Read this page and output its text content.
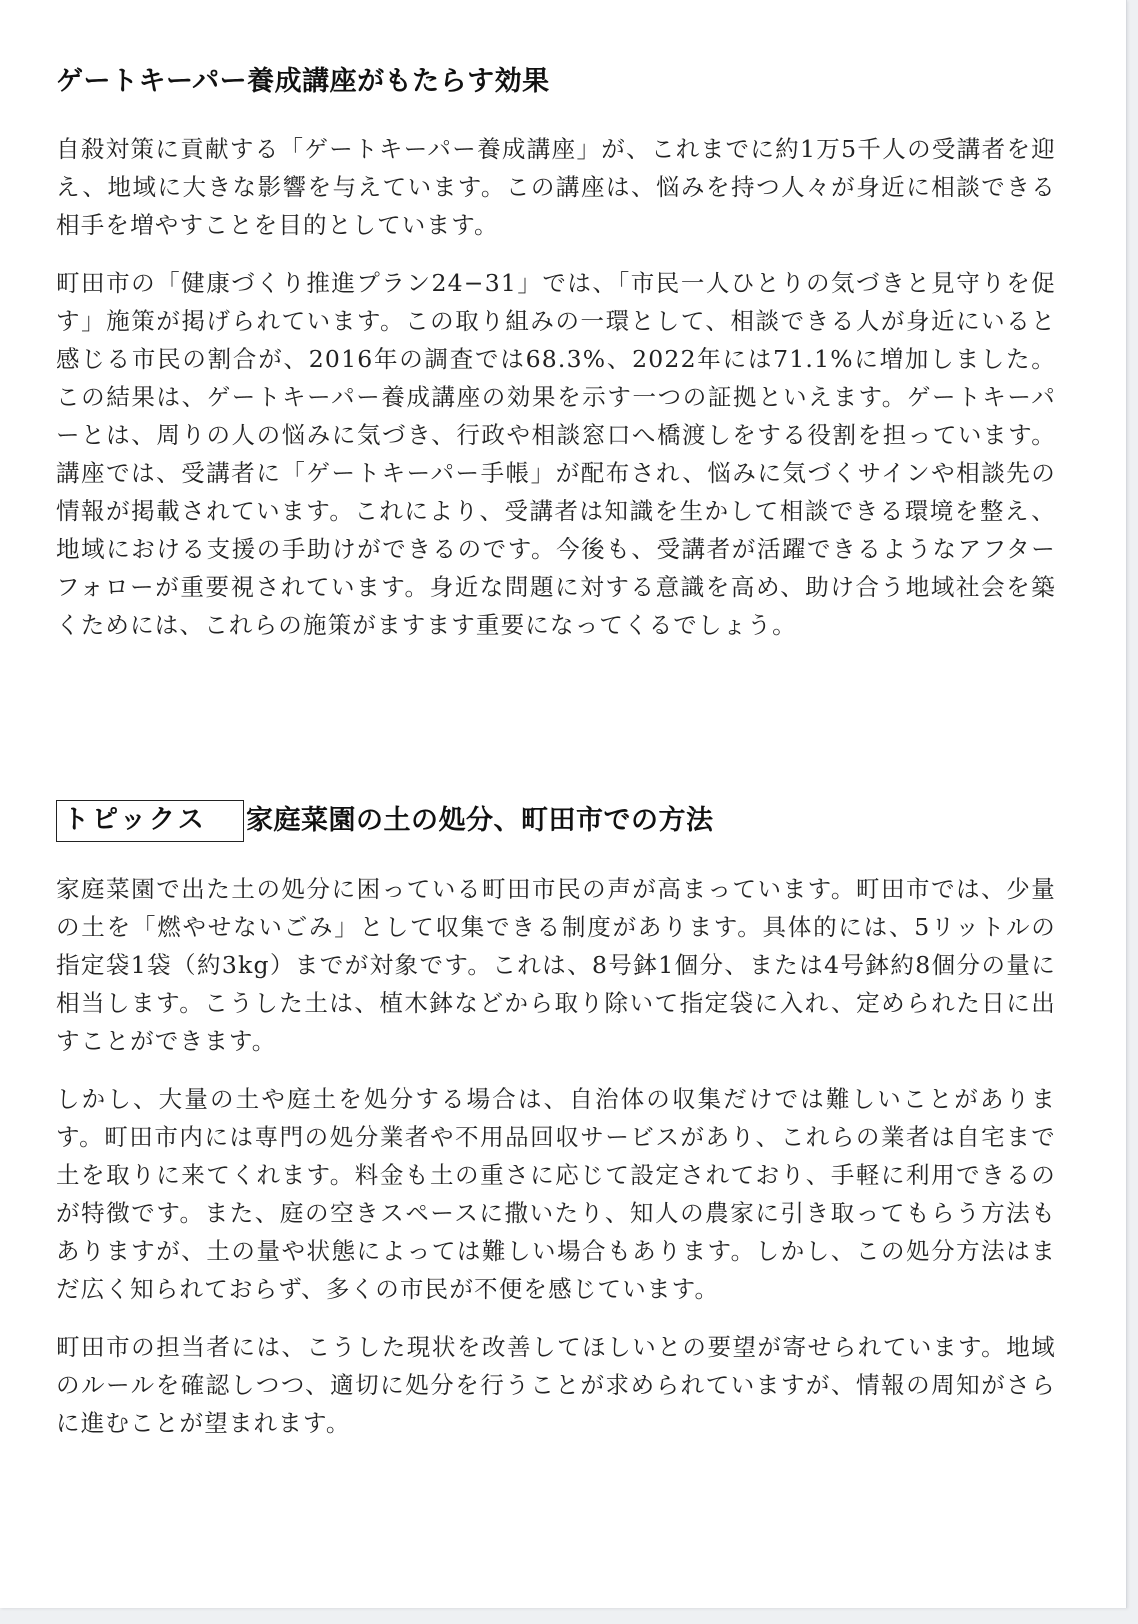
ゲートキーパー養成講座がもたらす効果

自殺対策に貢献する「ゲートキーパー養成講座」が、これまでに約1万5千人の受講者を迎え、地域に大きな影響を与えています。この講座は、悩みを持つ人々が身近に相談できる相手を増やすことを目的としています。

町田市の「健康づくり推進プラン24−31」では、「市民一人ひとりの気づきと見守りを促す」施策が掲げられています。この取り組みの一環として、相談できる人が身近にいると感じる市民の割合が、2016年の調査では68.3%、2022年には71.1%に増加しました。この結果は、ゲートキーパー養成講座の効果を示す一つの証拠といえます。ゲートキーパーとは、周りの人の悩みに気づき、行政や相談窓口へ橋渡しをする役割を担っています。講座では、受講者に「ゲートキーパー手帳」が配布され、悩みに気づくサインや相談先の情報が掲載されています。これにより、受講者は知識を生かして相談できる環境を整え、地域における支援の手助けができるのです。今後も、受講者が活躍できるようなアフターフォローが重要視されています。身近な問題に対する意識を高め、助け合う地域社会を築くためには、これらの施策がますます重要になってくるでしょう。

トピックス	家庭菜園の土の処分、町田市での方法

家庭菜園で出た土の処分に困っている町田市民の声が高まっています。町田市では、少量の土を「燃やせないごみ」として収集できる制度があります。具体的には、5リットルの指定袋1袋（約3kg）までが対象です。これは、8号鉢1個分、または4号鉢約8個分の量に相当します。こうした土は、植木鉢などから取り除いて指定袋に入れ、定められた日に出すことができます。

しかし、大量の土や庭土を処分する場合は、自治体の収集だけでは難しいことがあります。町田市内には専門の処分業者や不用品回収サービスがあり、これらの業者は自宅まで土を取りに来てくれます。料金も土の重さに応じて設定されており、手軽に利用できるのが特徴です。また、庭の空きスペースに撒いたり、知人の農家に引き取ってもらう方法もありますが、土の量や状態によっては難しい場合もあります。しかし、この処分方法はまだ広く知られておらず、多くの市民が不便を感じています。

町田市の担当者には、こうした現状を改善してほしいとの要望が寄せられています。地域のルールを確認しつつ、適切に処分を行うことが求められていますが、情報の周知がさらに進むことが望まれます。
